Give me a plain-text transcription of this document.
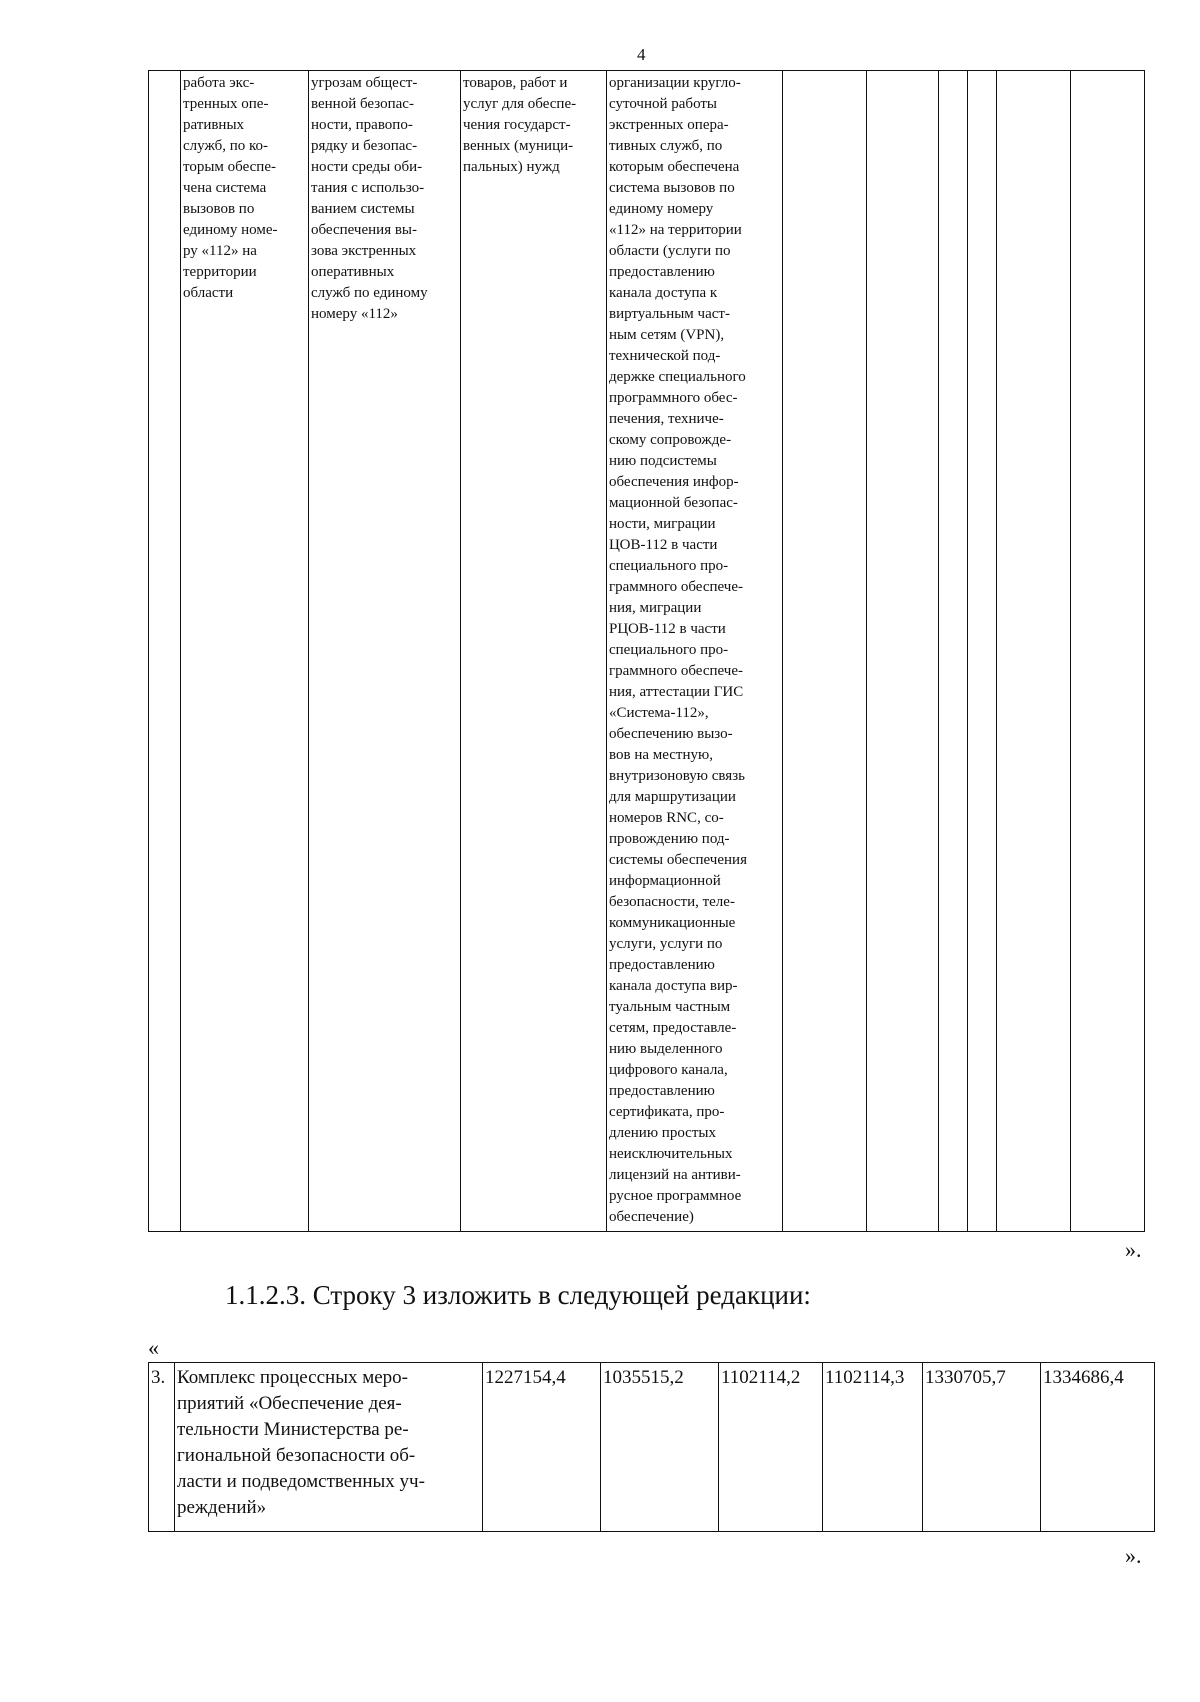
4

работа экс-
тренных опе-
ративных
служб, по ко-
торым обеспе-
чена система
вызовов по
единому номе-
ру «112» на
территории
области

угрозам общест-
венной безопас-
ности, правопо-
рядку и безопас-
ности среды оби-
тания с использо-
ванием системы
обеспечения вы-
зова экстренных
оперативных
служб по единому
номеру «112»

товаров, работ и
услуг для обеспе-
чения государст-
венных (муници-
пальных) нужд

организации кругло-
суточной работы
экстренных опера-
тивных служб, по
которым обеспечена
система вызовов по
единому номеру
«112» на территории
области (услуги по
предоставлению
канала доступа к
виртуальным част-
ным сетям (VPN),
технической под-
держке специального
программного обес-
печения, техниче-
скому сопровожде-
нию подсистемы
обеспечения инфор-
мационной безопас-
ности, миграции
ЦОВ-112 в части
специального про-
граммного обеспече-
ния, миграции
РЦОВ-112 в части
специального про-
граммного обеспече-
ния, аттестации ГИС
«Система-112»,
обеспечению вызо-
вов на местную,
внутризоновую связь
для маршрутизации
номеров RNC, со-
провождению под-
системы обеспечения
информационной
безопасности, теле-
коммуникационные
услуги, услуги по
предоставлению
канала доступа вир-
туальным частным
сетям, предоставле-
нию выделенного
цифрового канала,
предоставлению
сертификата, про-
длению простых
неисключительных
лицензий на антиви-
русное программное
обеспечение)

».
1.1.2.3. Строку 3 изложить в следующей редакции:
«
3.	Комплекс процессных меро-
приятий «Обеспечение дея-
тельности Министерства ре-
гиональной безопасности об-
ласти и подведомственных уч-
реждений»
	1227154,4	1035515,2	1102114,2	1102114,3	1330705,7	1334686,4
».
